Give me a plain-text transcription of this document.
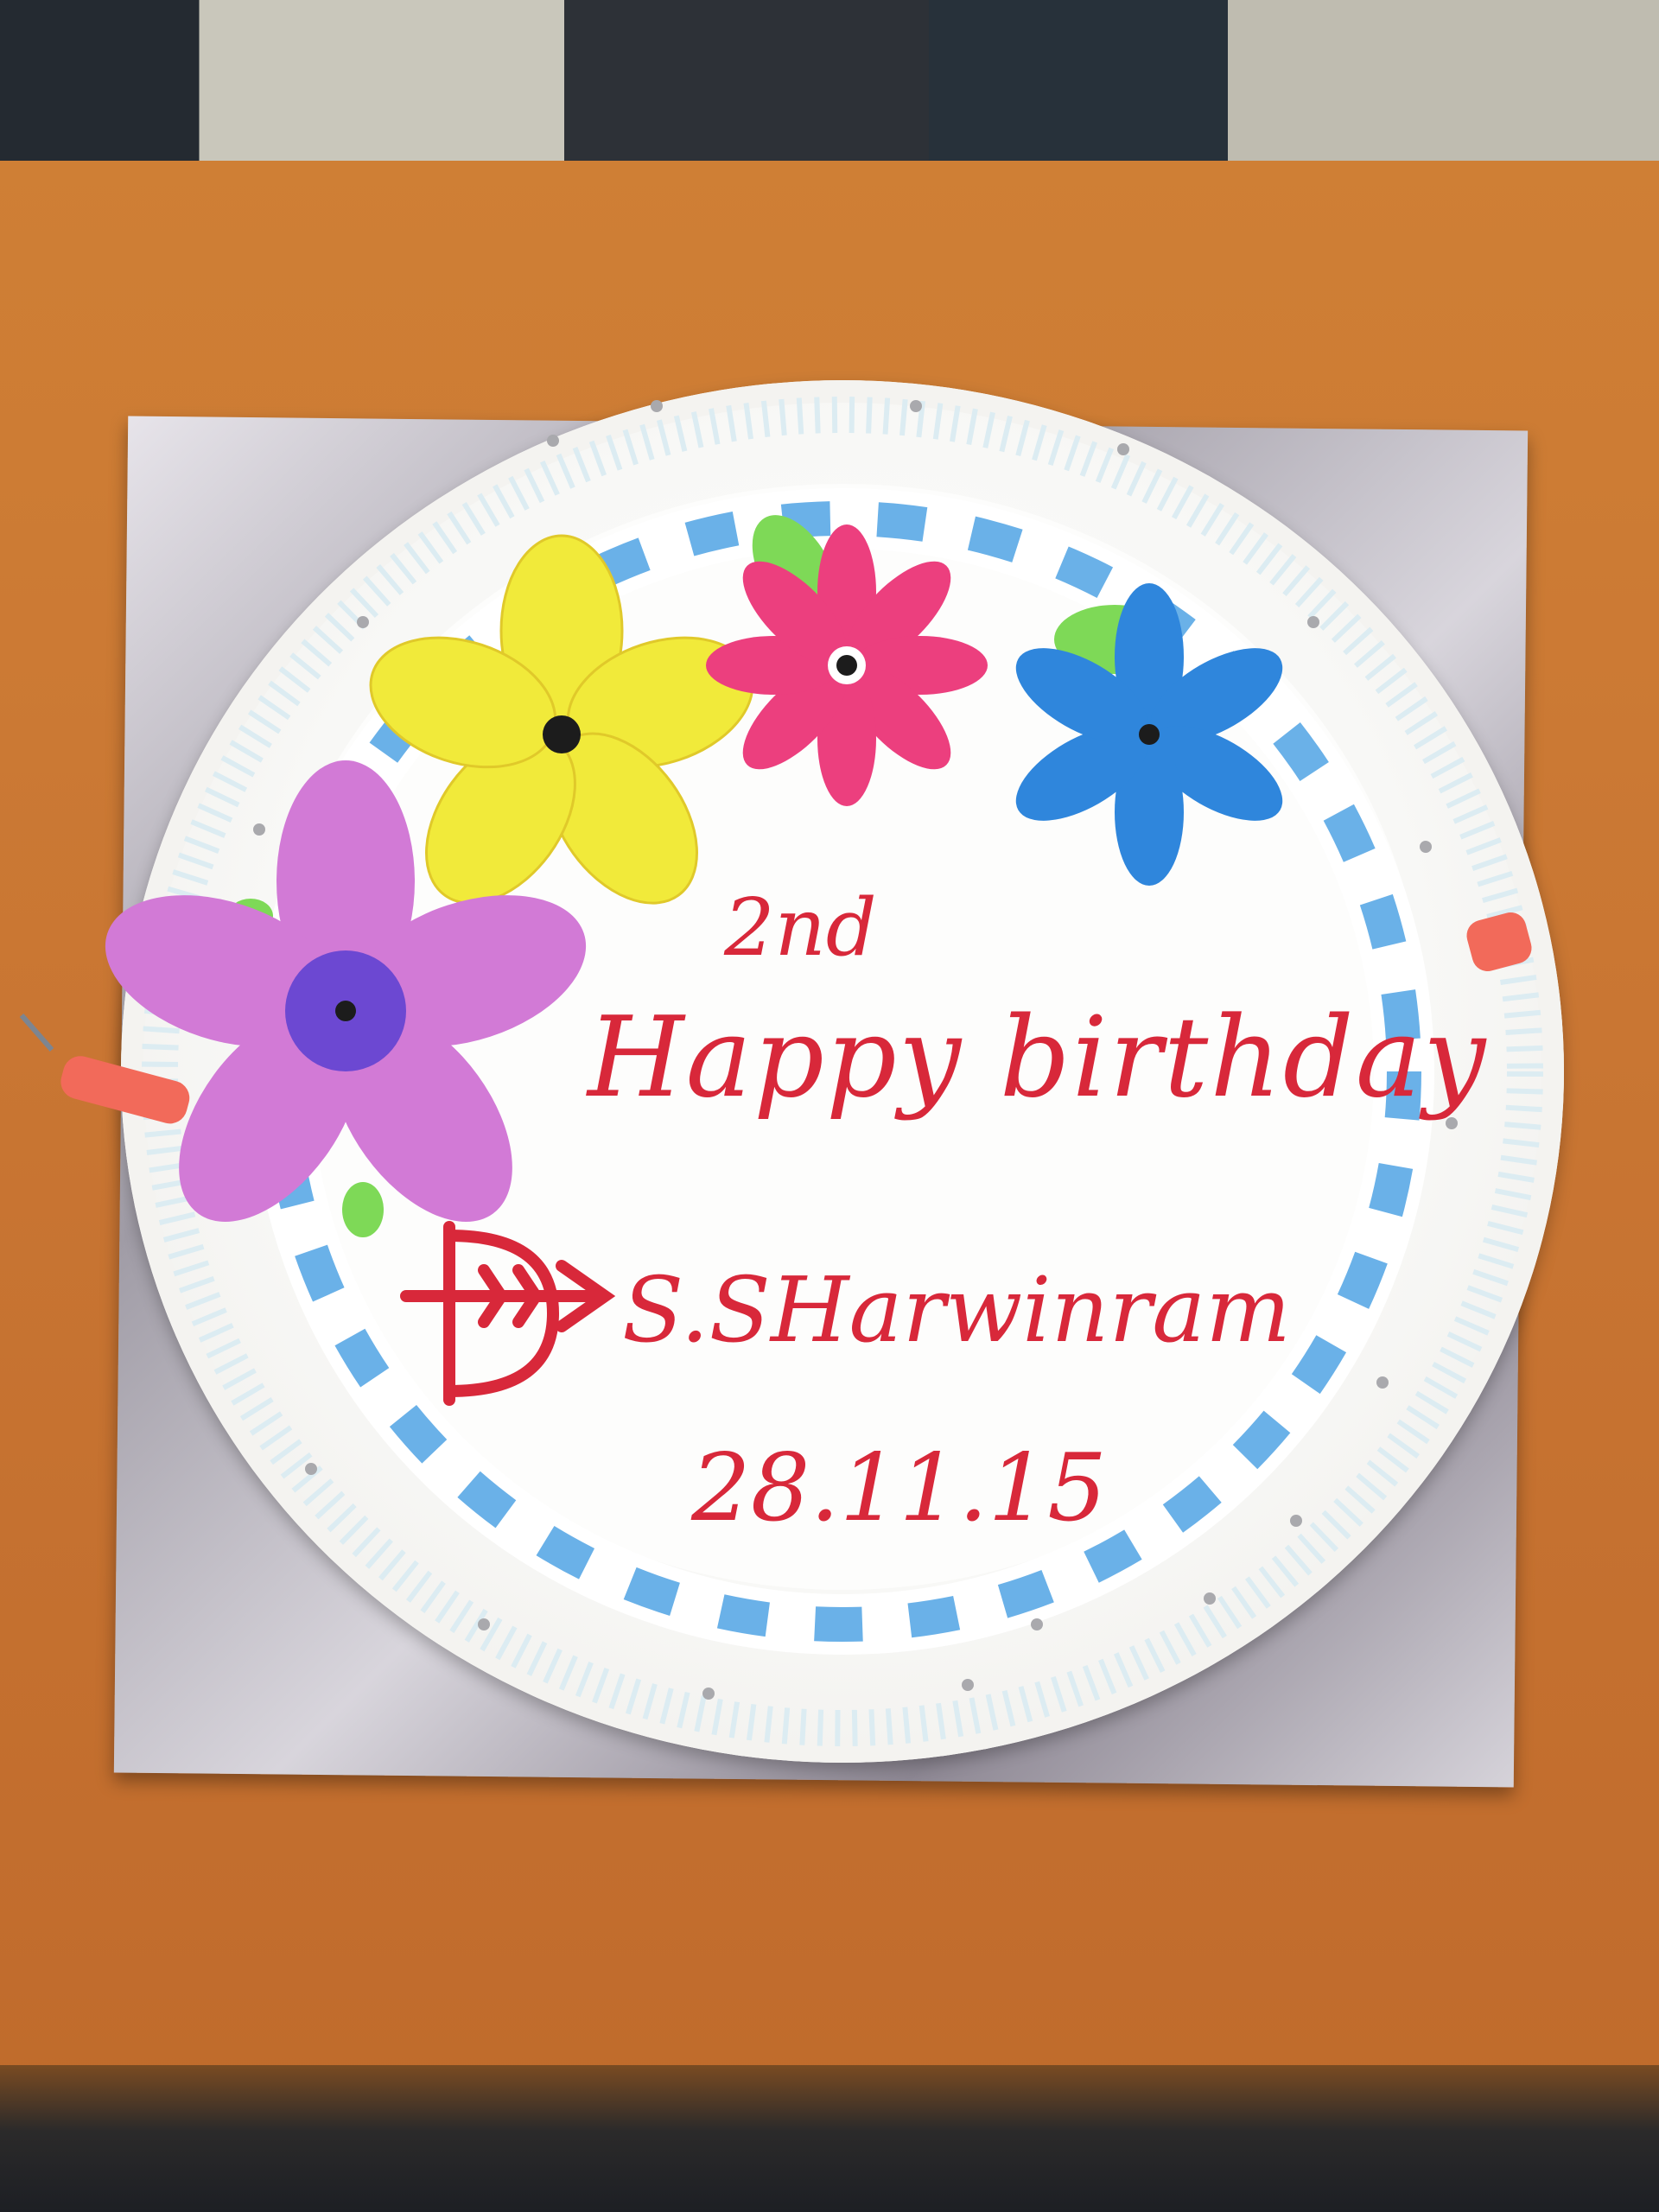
2nd
Happy birthday
S.SHarwinram
28.11.15
